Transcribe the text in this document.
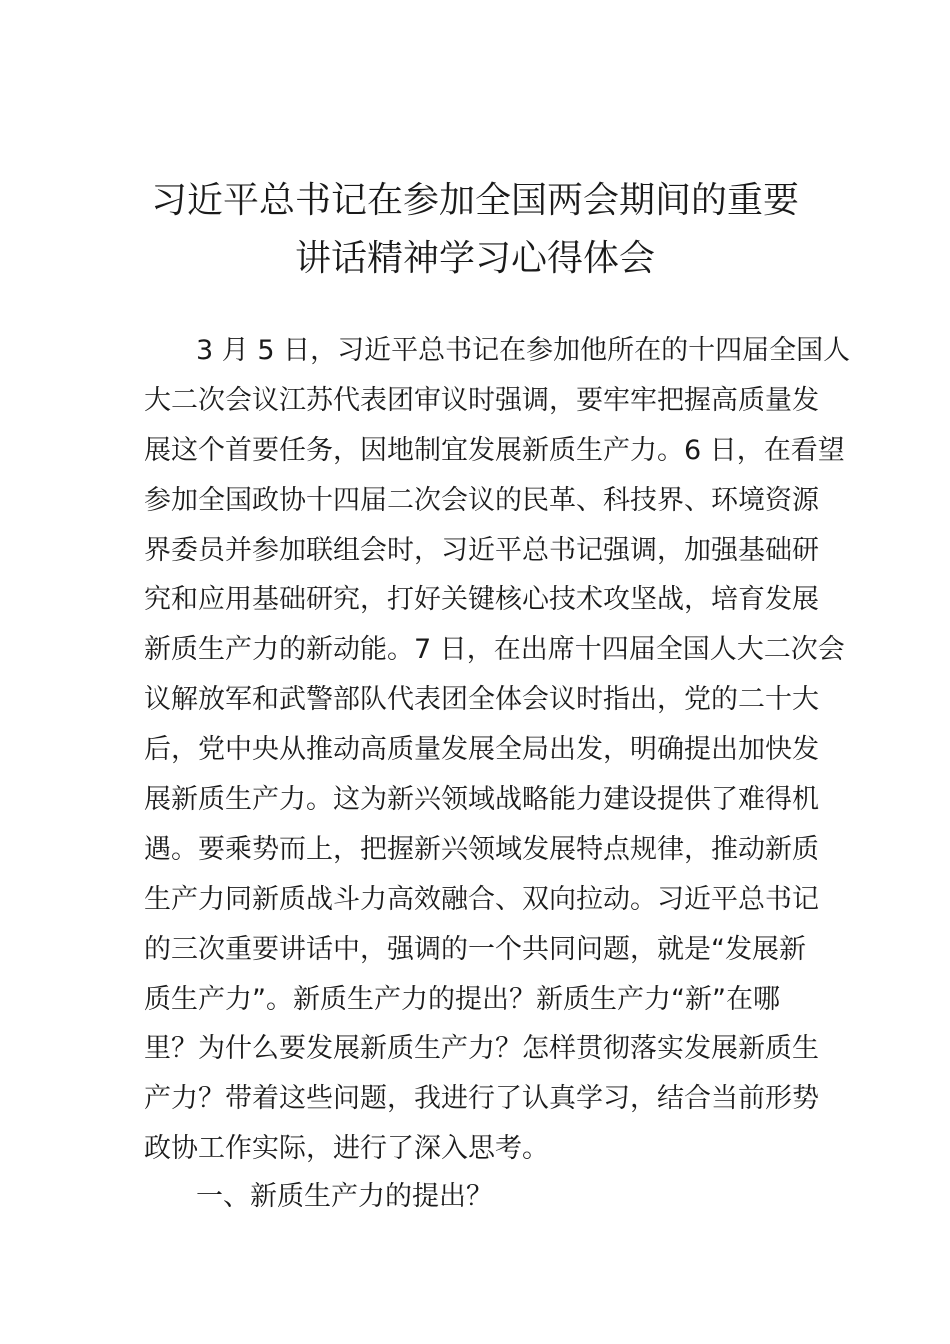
习近平总书记在参加全国两会期间的重要
讲话精神学习心得体会
3 月 5 日，习近平总书记在参加他所在的十四届全国人
大二次会议江苏代表团审议时强调，要牢牢把握高质量发
展这个首要任务，因地制宜发展新质生产力。6 日，在看望
参加全国政协十四届二次会议的民革、科技界、环境资源
界委员并参加联组会时，习近平总书记强调，加强基础研
究和应用基础研究，打好关键核心技术攻坚战，培育发展
新质生产力的新动能。7 日，在出席十四届全国人大二次会
议解放军和武警部队代表团全体会议时指出，党的二十大
后，党中央从推动高质量发展全局出发，明确提出加快发
展新质生产力。这为新兴领域战略能力建设提供了难得机
遇。要乘势而上，把握新兴领域发展特点规律，推动新质
生产力同新质战斗力高效融合、双向拉动。习近平总书记
的三次重要讲话中，强调的一个共同问题，就是“发展新
质生产力”。新质生产力的提出？新质生产力“新”在哪
里？为什么要发展新质生产力？怎样贯彻落实发展新质生
产力？带着这些问题，我进行了认真学习，结合当前形势
政协工作实际，进行了深入思考。
一、新质生产力的提出？
